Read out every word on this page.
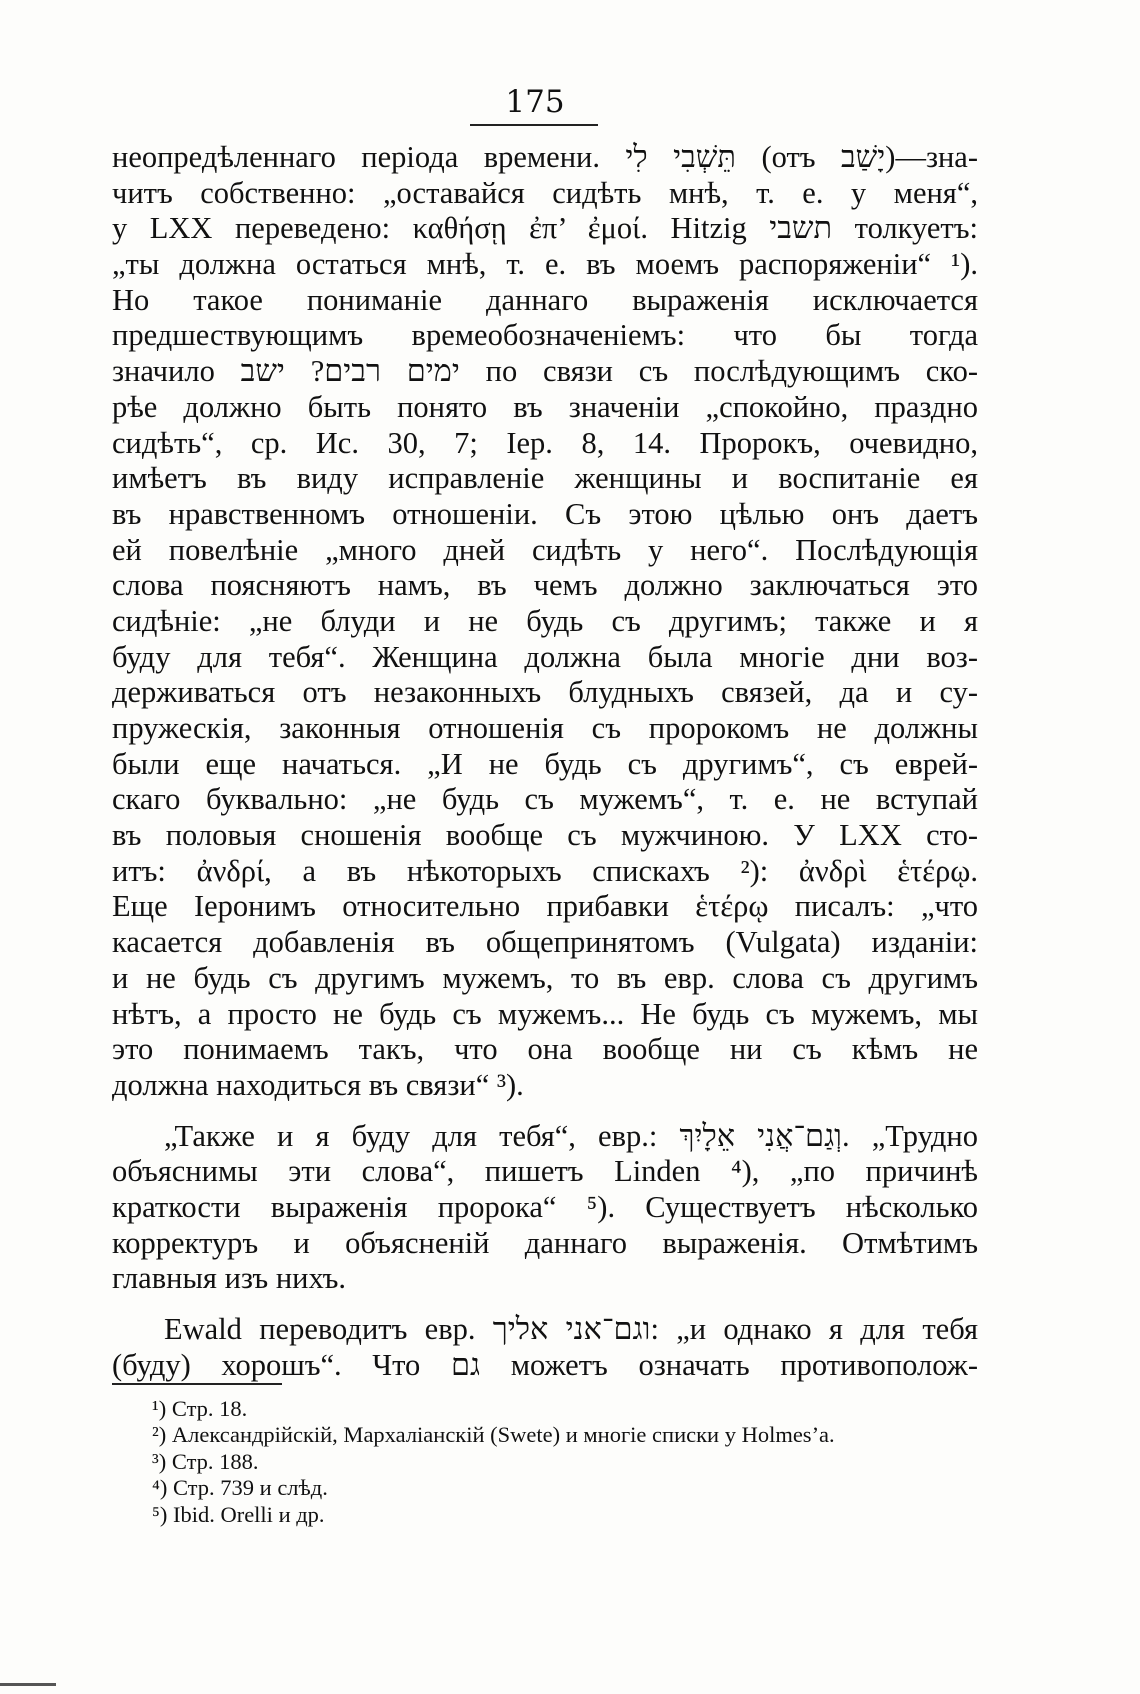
175
неопредѣленнаго періода времени. תֵּשְׁבִי לִי (отъ יָשַׁב)—зна-
читъ собственно: „оставайся сидѣть мнѣ, т. е. у меня“,
у LXX переведено: καθήσῃ ἐπ’ ἐμοί. Hitzig תשבי толкуетъ:
„ты должна остаться мнѣ, т. е. въ моемъ распоряженіи“ ¹).
Но такое пониманіе даннаго выраженія исключается
предшествующимъ времеобозначеніемъ: что бы тогда
значило ימים רבים? ישב по связи съ послѣдующимъ ско-
рѣе должно быть понято въ значеніи „спокойно, праздно
сидѣть“, ср. Ис. 30, 7; Іер. 8, 14. Пророкъ, очевидно,
имѣетъ въ виду исправленіе женщины и воспитаніе ея
въ нравственномъ отношеніи. Съ этою цѣлью онъ даетъ
ей повелѣніе „много дней сидѣть у него“. Послѣдующія
слова поясняютъ намъ, въ чемъ должно заключаться это
сидѣніе: „не блуди и не будь съ другимъ; также и я
буду для тебя“. Женщина должна была многіе дни воз-
держиваться отъ незаконныхъ блудныхъ связей, да и су-
пружескія, законныя отношенія съ пророкомъ не должны
были еще начаться. „И не будь съ другимъ“, съ еврей-
скаго буквально: „не будь съ мужемъ“, т. е. не вступай
въ половыя сношенія вообще съ мужчиною. У LXX сто-
итъ: ἀνδρί, а въ нѣкоторыхъ спискахъ ²): ἀνδρὶ ἑτέρῳ.
Еще Іеронимъ относительно прибавки ἑτέρῳ писалъ: „что
касается добавленія въ общепринятомъ (Vulgata) изданіи:
и не будь съ другимъ мужемъ, то въ евр. слова съ другимъ
нѣтъ, а просто не будь съ мужемъ... Не будь съ мужемъ, мы
это понимаемъ такъ, что она вообще ни съ кѣмъ не
должна находиться въ связи“ ³).
„Также и я буду для тебя“, евр.: וְגַם־אֲנִי אֵלָיִךְ. „Трудно
объяснимы эти слова“, пишетъ Linden ⁴), „по причинѣ
краткости выраженія пророка“ ⁵). Существуетъ нѣсколько
корректуръ и объясненій даннаго выраженія. Отмѣтимъ
главныя изъ нихъ.
Ewald переводитъ евр. וגם־אני אליך: „и однако я для тебя
(буду) хорошъ“. Что גם можетъ означать противополож-
¹) Стр. 18.
²) Александрійскій, Мархаліанскій (Swete) и многіе списки у Holmes’a.
³) Стр. 188.
⁴) Стр. 739 и слѣд.
⁵) Ibid. Orelli и др.
